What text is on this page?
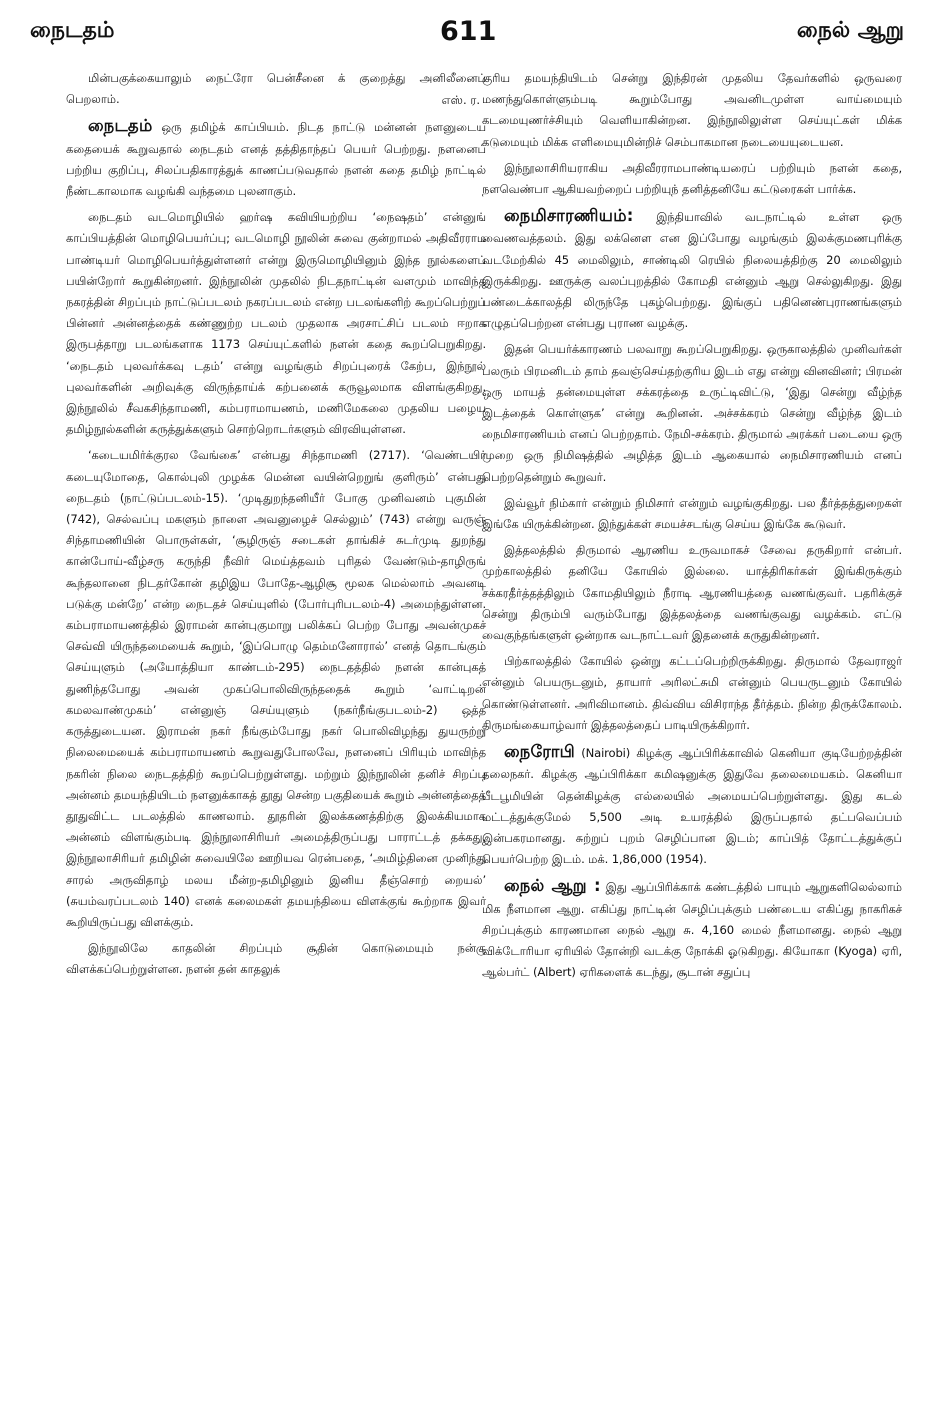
நைடதம்	611	நைல் ஆறு

மின்பகுக்கையாலும் நைட்ரோ பென்சீனை க் குறைத்து அனிலீனைப் பெறலாம்.	எஸ். ர.

நைடதம் ஒரு தமிழ்க் காப்பியம். நிடத நாட்டு மன்னன் நளனுடைய கதையைக் கூறுவதால் நைடதம் எனத் தத்திதாந்தப் பெயர் பெற்றது. நளனைப் பற்றிய குறிப்பு, சிலப்பதிகாரத்துக் காணப்படுவதால் நளன் கதை தமிழ் நாட்டில் நீண்டகாலமாக வழங்கி வந்தமை புலனாகும்.

நைடதம் வடமொழியில் ஹர்ஷ கவியியற்றிய ‘நைஷதம்’ என்னுங் காப்பியத்தின் மொழிபெயர்ப்பு; வடமொழி நூலின் சுவை குன்றாமல் அதிவீரராம பாண்டியர் மொழிபெயர்த்துள்ளனர் என்று இருமொழியினும் இந்த நூல்களைப் பயின்றோர் கூறுகின்றனர். இந்நூலின் முதலில் நிடதநாட்டின் வளமும் மாவிந்த நகரத்தின் சிறப்பும் நாட்டுப்படலம் நகரப்படலம் என்ற படலங்களிற் கூறப்பெற்றுப் பின்னர் அன்னத்தைக் கண்ணுற்ற படலம் முதலாக அரசாட்சிப் படலம் ஈறாக இருபத்தாறு படலங்களாக 1173 செய்யுட்களில் நளன் கதை கூறப்பெறுகிறது. ‘நைடதம் புலவர்க்கவு டதம்’ என்று வழங்கும் சிறப்புரைக் கேற்ப, இந்நூல் புலவர்களின் அறிவுக்கு விருந்தாய்க் கற்பனைக் கருவூலமாக விளங்குகிறது. இந்நூலில் சீவகசிந்தாமணி, கம்பராமாயணம், மணிமேகலை முதலிய பழைய தமிழ்நூல்களின் கருத்துக்களும் சொற்றொடர்களும் விரவியுள்ளன.

‘கடையமிர்க்குரல வேங்கை’ என்பது சிந்தாமணி (2717). ‘வெண்டயிர் கடையுமோதை, கொல்புலி முழக்க மென்ன வயின்றெறுங் குளிரும்’ என்பது நைடதம் (நாட்டுப்படலம்-15). ‘முடிதுறந்தனியீர் போகு முனிவனம் புகுமின் (742), செல்வப்பு மகளும் நாளை அவனுழைச் செல்லும்’ (743) என்று வருஞ் சிந்தாமணியின் பொருள்கள், ‘சூழிருஞ் சடைகள் தாங்கிச் சுடர்முடி துறந்து கான்போய்-வீழ்சரு கருந்தி நீவிர் மெய்த்தவம் புரிதல் வேண்டும்-தாழிருங் கூந்தலானை நிடதர்கோன் தழிஇய போதே-ஆழிசூ மூலக மெல்லாம் அவனடி படுக்கு மன்றே’ என்ற நைடதச் செய்யுளில் (போர்புரிபடலம்-4) அமைந்துள்ளன. கம்பராமாயணத்தில் இராமன் கான்புகுமாறு பலிக்கப் பெற்ற போது அவன்முகச் செவ்வி யிருந்தமையைக் கூறும், ‘இப்பொழு தெம்மனோரால்’ எனத் தொடங்கும் செய்யுளும் (அயோத்தியா காண்டம்-295) நைடதத்தில் நளன் கான்புகத் துணிந்தபோது அவன் முகப்பொலிவிருந்ததைக் கூறும் ‘வாட்டிறன் கமலவாண்முகம்’ என்னுஞ் செய்யுளும் (நகர்நீங்குபடலம்-2) ஒத்த கருத்துடையன. இராமன் நகர் நீங்கும்போது நகர் பொலிவிழந்து துயருற்று நிலைமையைக் கம்பராமாயணம் கூறுவதுபோலவே, நளனைப் பிரியும் மாவிந்த நகரின் நிலை நைடதத்திற் கூறப்பெற்றுள்ளது. மற்றும் இந்நூலின் தனிச் சிறப்பு அன்னம் தமயந்தியிடம் நளனுக்காகத் தூது சென்ற பகுதியைக் கூறும் அன்னத்தைத் தூதுவிட்ட படலத்தில் காணலாம். தூதரின் இலக்கணத்திற்கு இலக்கியமாக அன்னம் விளங்கும்படி இந்நூலாசிரியர் அமைத்திருப்பது பாராட்டத் தக்கது. இந்நூலாசிரியர் தமிழின் சுவையிலே ஊறியவ ரென்பதை, ‘அமிழ்தினை முனிந்து சாரல் அருவிதாழ் மலய மீன்ற-தமிழினும் இனிய தீஞ்சொற் றையல்’ (சுயம்வரப்படலம் 140) எனக் கலைமகள் தமயந்தியை விளக்குங் கூற்றாக இவர் கூறியிருப்பது விளக்கும்.

இந்நூலிலே காதலின் சிறப்பும் சூதின் கொடுமையும் நன்கு விளக்கப்பெற்றுள்ளன. நளன் தன் காதலுக்

குரிய தமயந்தியிடம் சென்று இந்திரன் முதலிய தேவர்களில் ஒருவரை மணந்துகொள்ளும்படி கூறும்போது அவனிடமுள்ள வாய்மையும் கடமையுணர்ச்சியும் வெளியாகின்றன. இந்நூலிலுள்ள செய்யுட்கள் மிக்க கடுமையும் மிக்க எளிமையுமின்றிச் செம்பாகமான நடையையுடையன.

இந்நூலாசிரியராகிய அதிவீரராமபாண்டியரைப் பற்றியும் நளன் கதை, நளவெண்பா ஆகியவற்றைப் பற்றியுந் தனித்தனியே கட்டுரைகள் பார்க்க.

நைமிசாரணியம்: இந்தியாவில் வடநாட்டில் உள்ள ஒரு வைணவத்தலம். இது லக்னௌ என இப்போது வழங்கும் இலக்குமணபுரிக்கு வடமேற்கில் 45 மைலிலும், சாண்டிலி ரெயில் நிலையத்திற்கு 20 மைலிலும் இருக்கிறது. ஊருக்கு வலப்புறத்தில் கோமதி என்னும் ஆறு செல்லுகிறது. இது பண்டைக்காலத்தி லிருந்தே புகழ்பெற்றது. இங்குப் பதினெண்புராணங்களும் எழுதப்பெற்றன என்பது புராண வழக்கு.

இதன் பெயர்க்காரணம் பலவாறு கூறப்பெறுகிறது. ஒருகாலத்தில் முனிவர்கள் பலரும் பிரமனிடம் தாம் தவஞ்செய்தற்குரிய இடம் எது என்று வினவினர்; பிரமன் ஒரு மாயத் தன்மையுள்ள சக்கரத்தை உருட்டிவிட்டு, ‘இது சென்று வீழ்ந்த இடத்தைக் கொள்ளுக’ என்று கூறினன். அச்சக்கரம் சென்று வீழ்ந்த இடம் நைமிசாரணியம் எனப் பெற்றதாம். நேமி-சக்கரம். திருமால் அரக்கர் படையை ஒரு முறை ஒரு நிமிஷத்தில் அழித்த இடம் ஆகையால் நைமிசாரணியம் எனப் பெற்றதென்றும் கூறுவர்.

இவ்வூர் நிம்கார் என்றும் நிமிசார் என்றும் வழங்குகிறது. பல தீர்த்தத்துறைகள் இங்கே யிருக்கின்றன. இந்துக்கள் சமயச்சடங்கு செய்ய இங்கே கூடுவர்.

இத்தலத்தில் திருமால் ஆரணிய உருவமாகச் சேவை தருகிறார் என்பர். முற்காலத்தில் தனியே கோயில் இல்லை. யாத்திரிகர்கள் இங்கிருக்கும் சக்கரதீர்த்தத்திலும் கோமதியிலும் நீராடி ஆரணியத்தை வணங்குவர். பதரிக்குச் சென்று திரும்பி வரும்போது இத்தலத்தை வணங்குவது வழக்கம். எட்டு வைகுந்தங்களுள் ஒன்றாக வடநாட்டவர் இதனைக் கருதுகின்றனர்.

பிற்காலத்தில் கோயில் ஒன்று கட்டப்பெற்றிருக்கிறது. திருமால் தேவராஜர் என்னும் பெயருடனும், தாயார் அரிலட்சுமி என்னும் பெயருடனும் கோயில் கொண்டுள்ளனர். அரிவிமானம். திவ்விய விசிராந்த தீர்த்தம். நின்ற திருக்கோலம். திருமங்கையாழ்வார் இத்தலத்தைப் பாடியிருக்கிறார்.

நைரோபி (Nairobi) கிழக்கு ஆப்பிரிக்காவில் கெனியா குடியேற்றத்தின் தலைநகர். கிழக்கு ஆப்பிரிக்கா கமிஷனுக்கு இதுவே தலைமையகம். கெனியா பீடபூமியின் தென்கிழக்கு எல்லையில் அமையப்பெற்றுள்ளது. இது கடல் மட்டத்துக்குமேல் 5,500 அடி உயரத்தில் இருப்பதால் தட்பவெப்பம் இன்பகரமானது. சுற்றுப் புறம் செழிப்பான இடம்; காப்பித் தோட்டத்துக்குப் பெயர்பெற்ற இடம். மக். 1,86,000 (1954).

நைல் ஆறு : இது ஆப்பிரிக்காக் கண்டத்தில் பாயும் ஆறுகளிலெல்லாம் மிக நீளமான ஆறு. எகிப்து நாட்டின் செழிப்புக்கும் பண்டைய எகிப்து நாகரிகச் சிறப்புக்கும் காரணமான நைல் ஆறு சு. 4,160 மைல் நீளமானது. நைல் ஆறு விக்டோரியா ஏரியில் தோன்றி வடக்கு நோக்கி ஓடுகிறது. கியோகா (Kyoga) ஏரி, ஆல்பர்ட் (Albert) ஏரிகளைக் கடந்து, சூடான் சதுப்பு
